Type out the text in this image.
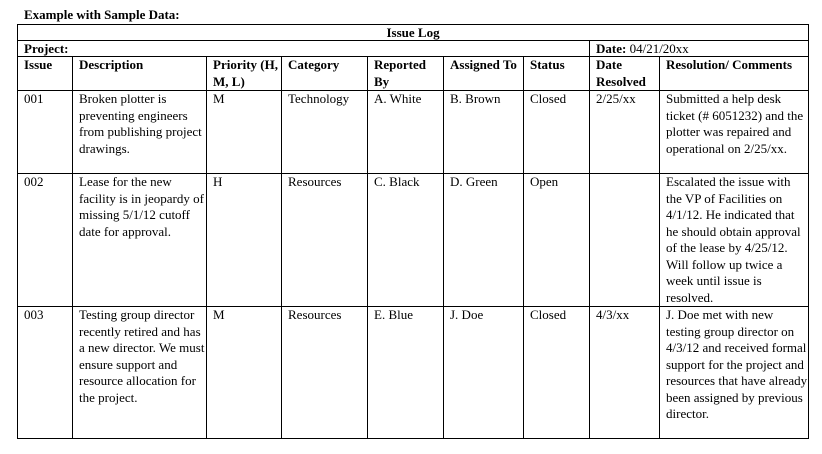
Example with Sample Data:
Issue Log								
Project:							Date: 04/21/20xx	
Issue	Description	Priority (H, M, L)	Category	Reported By	Assigned To	Status	Date Resolved	Resolution/ Comments
001	Broken plotter is preventing engineers from publishing project drawings.	M	Technology	A. White	B. Brown	Closed	2/25/xx	Submitted a help desk ticket (# 6051232) and the plotter was repaired and operational on 2/25/xx.
002	Lease for the new facility is in jeopardy of missing 5/1/12 cutoff date for approval.	H	Resources	C. Black	D. Green	Open		Escalated the issue with the VP of Facilities on 4/1/12. He indicated that he should obtain approval of the lease by 4/25/12. Will follow up twice a week until issue is resolved.
003	Testing group director recently retired and has a new director. We must ensure support and resource allocation for the project.	M	Resources	E. Blue	J. Doe	Closed	4/3/xx	J. Doe met with new testing group director on 4/3/12 and received formal support for the project and resources that have already been assigned by previous director.
